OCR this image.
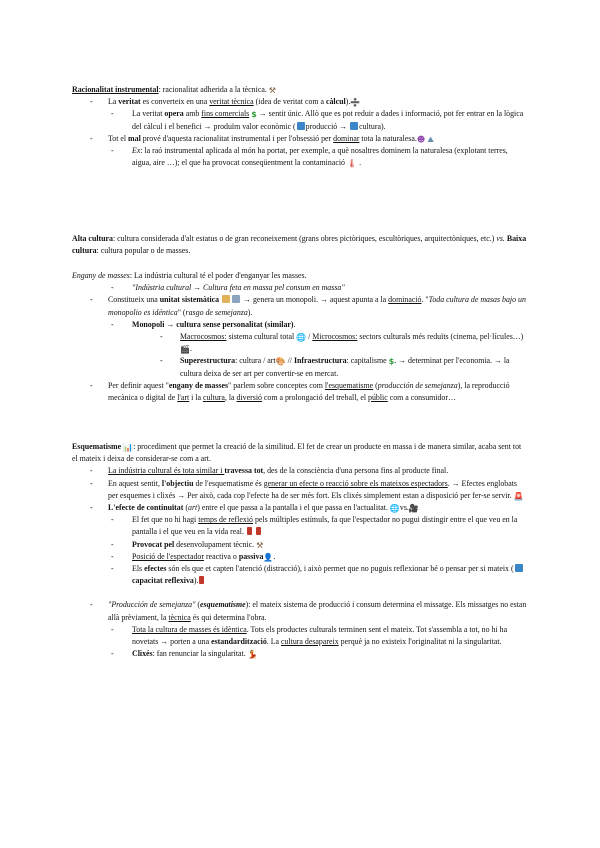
Racionalitat instrumental: racionalitat adherida a la tècnica. ⚒
-	La veritat es converteix en una veritat tècnica (idea de veritat com a càlcul).➗
-	La veritat opera amb fins comercials $ → sentit únic. Allò que es pot reduir a dades i informació, pot fer entrar en la lògica del càlcul i el benefici → produïm valor econòmic ( producció → cultura).
-	Tot el mal prové d'aquesta racionalitat instrumental i per l'obsessió per dominar tota la naturalesa.☻ ⛰
-	Ex: la raó instrumental aplicada al món ha portat, per exemple, a què nosaltres dominem la naturalesa (explotant terres, aigua, aire …); el que ha provocat conseqüentment la contaminació 🌡 .
Alta cultura: cultura considerada d'alt estatus o de gran reconeixement (grans obres pictòriques, escultòriques, arquitectòniques, etc.) vs. Baixa cultura: cultura popular o de masses.
Engany de masses: La indústria cultural té el poder d'enganyar les masses.
-	"Indústria cultural → Cultura feta en massa pel consum en massa"
-	Constitueix una unitat sistemàtica	→ genera un monopoli. → aquest apunta a la dominació. "Toda cultura de masas bajo un monopolio es idéntica" (rasgo de semejanza).
-	Monopoli → cultura sense personalitat (similar).
-	Macrocosmos: sistema cultural total 🌐 / Microcosmos: sectors culturals més reduïts (cinema, pel·lícules…)🎬.
-	Superestructura: cultura / art🎨 // Infraestructura: capitalisme $. → determinat per l'economia. → la cultura deixa de ser art per convertir-se en mercat.
-	Per definir aquest "engany de masses" parlem sobre conceptes com l'esquematisme (producción de semejanza), la reproducció mecànica o digital de l'art i la cultura, la diversió com a prolongació del treball, el públic com a consumidor…
Esquematisme 📊: procediment que permet la creació de la similitud. El fet de crear un producte en massa i de manera similar, acaba sent tot el mateix i deixa de considerar-se com a art.
-	La indústria cultural és tota similar i travessa tot, des de la consciència d'una persona fins al producte final.
-	En aquest sentit, l'objectiu de l'esquematisme és generar un efecte o reacció sobre els mateixos espectadors. → Efectes englobats per esquemes i clixés → Per això, cada cop l'efecte ha de ser més fort. Els clixés simplement estan a disposició per fer-se servir. 🚨
-	L'efecte de continuïtat (art) entre el que passa a la pantalla i el que passa en l'actualitat. 🌐vs.🎥
-	El fet que no hi hagi temps de reflexió pels múltiples estímuls, fa que l'espectador no pugui distingir entre el que veu en la pantalla i el que veu en la vida real.
-	Provocat pel desenvolupament tècnic. ⚒
-	Posició de l'espectador reactiva o passiva👤.
-	Els efectes són els que et capten l'atenció (distracció), i això permet que no puguis reflexionar bé o pensar per si mateix (capacitat reflexiva).
-	"Producción de semejanza" (esquematisme): el mateix sistema de producció i consum determina el missatge. Els missatges no estan allà prèviament, la tècnica és qui determina l'obra.
-	Tota la cultura de masses és idèntica. Tots els productes culturals terminen sent el mateix. Tot s'assembla a tot, no hi ha novetats → porten a una estandardització. La cultura desapareix perquè ja no existeix l'originalitat ni la singularitat.
-	Clixés: fan renunciar la singularitat. 💃
